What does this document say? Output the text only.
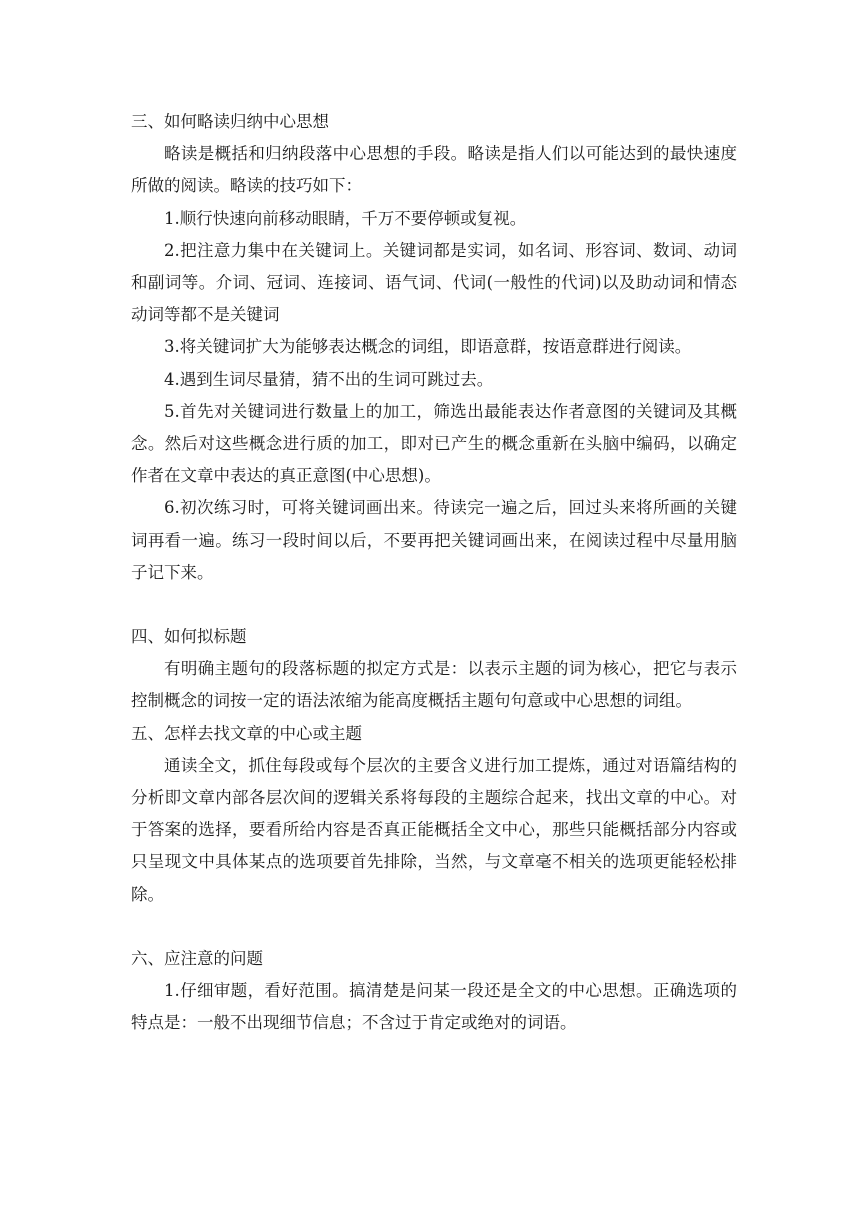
三、如何略读归纳中心思想

略读是概括和归纳段落中心思想的手段。略读是指人们以可能达到的最快速度所做的阅读。略读的技巧如下：

1.顺行快速向前移动眼睛，千万不要停顿或复视。

2.把注意力集中在关键词上。关键词都是实词，如名词、形容词、数词、动词和副词等。介词、冠词、连接词、语气词、代词(一般性的代词)以及助动词和情态动词等都不是关键词

3.将关键词扩大为能够表达概念的词组，即语意群，按语意群进行阅读。

4.遇到生词尽量猜，猜不出的生词可跳过去。

5.首先对关键词进行数量上的加工，筛选出最能表达作者意图的关键词及其概念。然后对这些概念进行质的加工，即对已产生的概念重新在头脑中编码，以确定作者在文章中表达的真正意图(中心思想)。

6.初次练习时，可将关键词画出来。待读完一遍之后，回过头来将所画的关键词再看一遍。练习一段时间以后，不要再把关键词画出来，在阅读过程中尽量用脑子记下来。

四、如何拟标题

有明确主题句的段落标题的拟定方式是：以表示主题的词为核心，把它与表示控制概念的词按一定的语法浓缩为能高度概括主题句句意或中心思想的词组。

五、怎样去找文章的中心或主题

通读全文，抓住每段或每个层次的主要含义进行加工提炼，通过对语篇结构的分析即文章内部各层次间的逻辑关系将每段的主题综合起来，找出文章的中心。对于答案的选择，要看所给内容是否真正能概括全文中心，那些只能概括部分内容或只呈现文中具体某点的选项要首先排除，当然，与文章毫不相关的选项更能轻松排除。

六、应注意的问题

1.仔细审题，看好范围。搞清楚是问某一段还是全文的中心思想。正确选项的特点是：一般不出现细节信息；不含过于肯定或绝对的词语。
